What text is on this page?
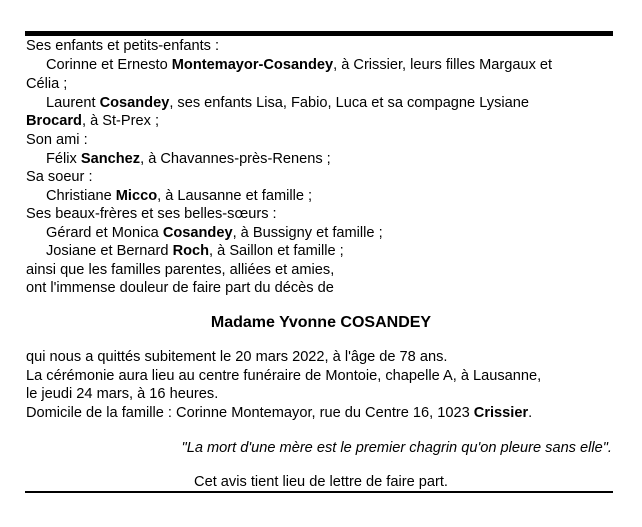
Ses enfants et petits-enfants :
Corinne et Ernesto Montemayor-Cosandey, à Crissier, leurs filles Margaux et
Célia ;
Laurent Cosandey, ses enfants Lisa, Fabio, Luca et sa compagne Lysiane
Brocard, à St-Prex ;
Son ami :
Félix Sanchez, à Chavannes-près-Renens ;
Sa soeur :
Christiane Micco, à Lausanne et famille ;
Ses beaux-frères et ses belles-sœurs :
Gérard et Monica Cosandey, à Bussigny et famille ;
Josiane et Bernard Roch, à Saillon et famille ;
ainsi que les familles parentes, alliées et amies,
ont l'immense douleur de faire part du décès de
Madame Yvonne COSANDEY
qui nous a quittés subitement le 20 mars 2022, à l'âge de 78 ans.
La cérémonie aura lieu au centre funéraire de Montoie, chapelle A, à Lausanne,
le jeudi 24 mars, à 16 heures.
Domicile de la famille : Corinne Montemayor, rue du Centre 16, 1023 Crissier.
"La mort d'une mère est le premier chagrin qu'on pleure sans elle".
Cet avis tient lieu de lettre de faire part.
